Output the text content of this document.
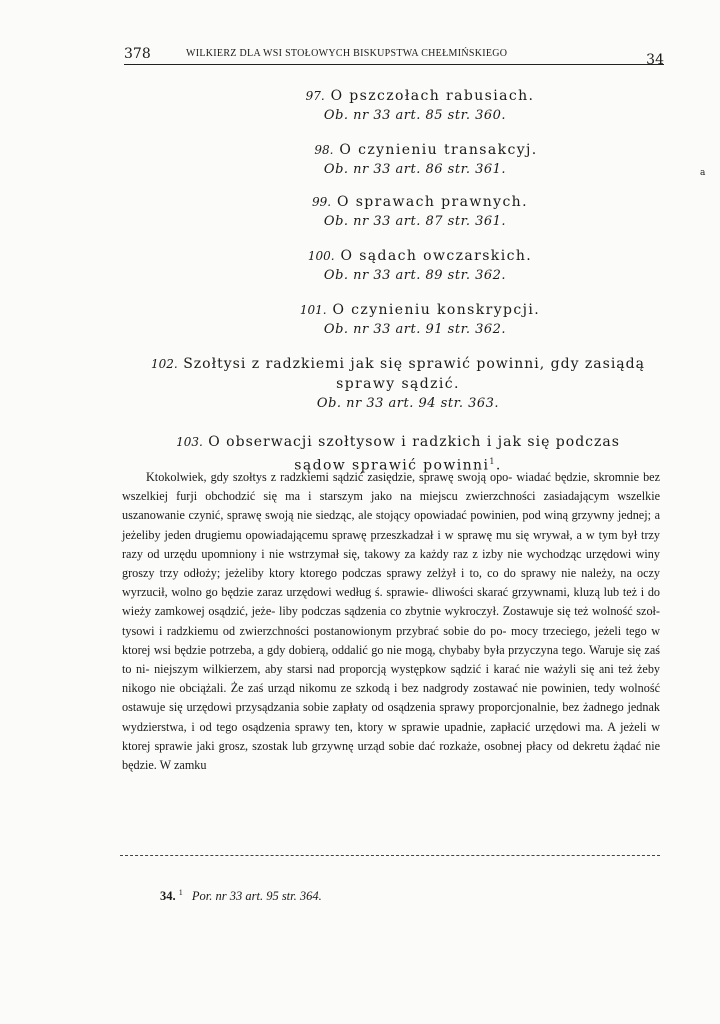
378	WILKIERZ DLA WSI STOŁOWYCH BISKUPSTWA CHEŁMIŃSKIEGO	34
a
97. O pszczołach rabusiach.
Ob. nr 33 art. 85 str. 360.
98. O czynieniu transakcyj.
Ob. nr 33 art. 86 str. 361.
99. O sprawach prawnych.
Ob. nr 33 art. 87 str. 361.
100. O sądach owczarskich.
Ob. nr 33 art. 89 str. 362.
101. O czynieniu konskrypcji.
Ob. nr 33 art. 91 str. 362.
102. Szołtysi z radzkiemi jak się sprawić powinni, gdy zasiądą
sprawy sądzić.
Ob. nr 33 art. 94 str. 363.
103. O obserwacji szołtysow i radzkich i jak się podczas
sądow sprawić powinni$^1$.

Ktokolwiek, gdy szołtys z radzkiemi sądzić zasiędzie, sprawę swoją opo- wiadać będzie, skromnie bez wszelkiej furji obchodzić się ma i starszym jako na miejscu zwierzchności zasiadającym wszelkie uszanowanie czynić, sprawę swoją nie siedząc, ale stojący opowiadać powinien, pod winą grzywny jednej; a jeżeliby jeden drugiemu opowiadającemu sprawę przeszkadzał i w sprawę mu się wrywał, a w tym był trzy razy od urzędu upomniony i nie wstrzymał się, takowy za każdy raz z izby nie wychodząc urzędowi winy groszy trzy odłoży; jeżeliby ktory ktorego podczas sprawy zelżył i to, co do sprawy nie należy, na oczy wyrzucił, wolno go będzie zaraz urzędowi według ś. sprawie- dliwości skarać grzywnami, kluzą lub też i do wieży zamkowej osądzić, jeże- liby podczas sądzenia co zbytnie wykroczył. Zostawuje się też wolność szoł- tysowi i radzkiemu od zwierzchności postanowionym przybrać sobie do po- mocy trzeciego, jeżeli tego w ktorej wsi będzie potrzeba, a gdy dobierą, oddalić go nie mogą, chybaby była przyczyna tego. Waruje się zaś to ni- niejszym wilkierzem, aby starsi nad proporcją występkow sądzić i karać nie ważyli się ani też żeby nikogo nie obciążali. Że zaś urząd nikomu ze szkodą i bez nadgrody zostawać nie powinien, tedy wolność ostawuje się urzędowi przysądzania sobie zapłaty od osądzenia sprawy proporcjonalnie, bez żadnego jednak wydzierstwa, i od tego osądzenia sprawy ten, ktory w sprawie upadnie, zapłacić urzędowi ma. A jeżeli w ktorej sprawie jaki grosz, szostak lub grzywnę urząd sobie dać rozkaże, osobnej płacy od dekretu żądać nie będzie. W zamku

34. $^1$ Por. nr 33 art. 95 str. 364.
